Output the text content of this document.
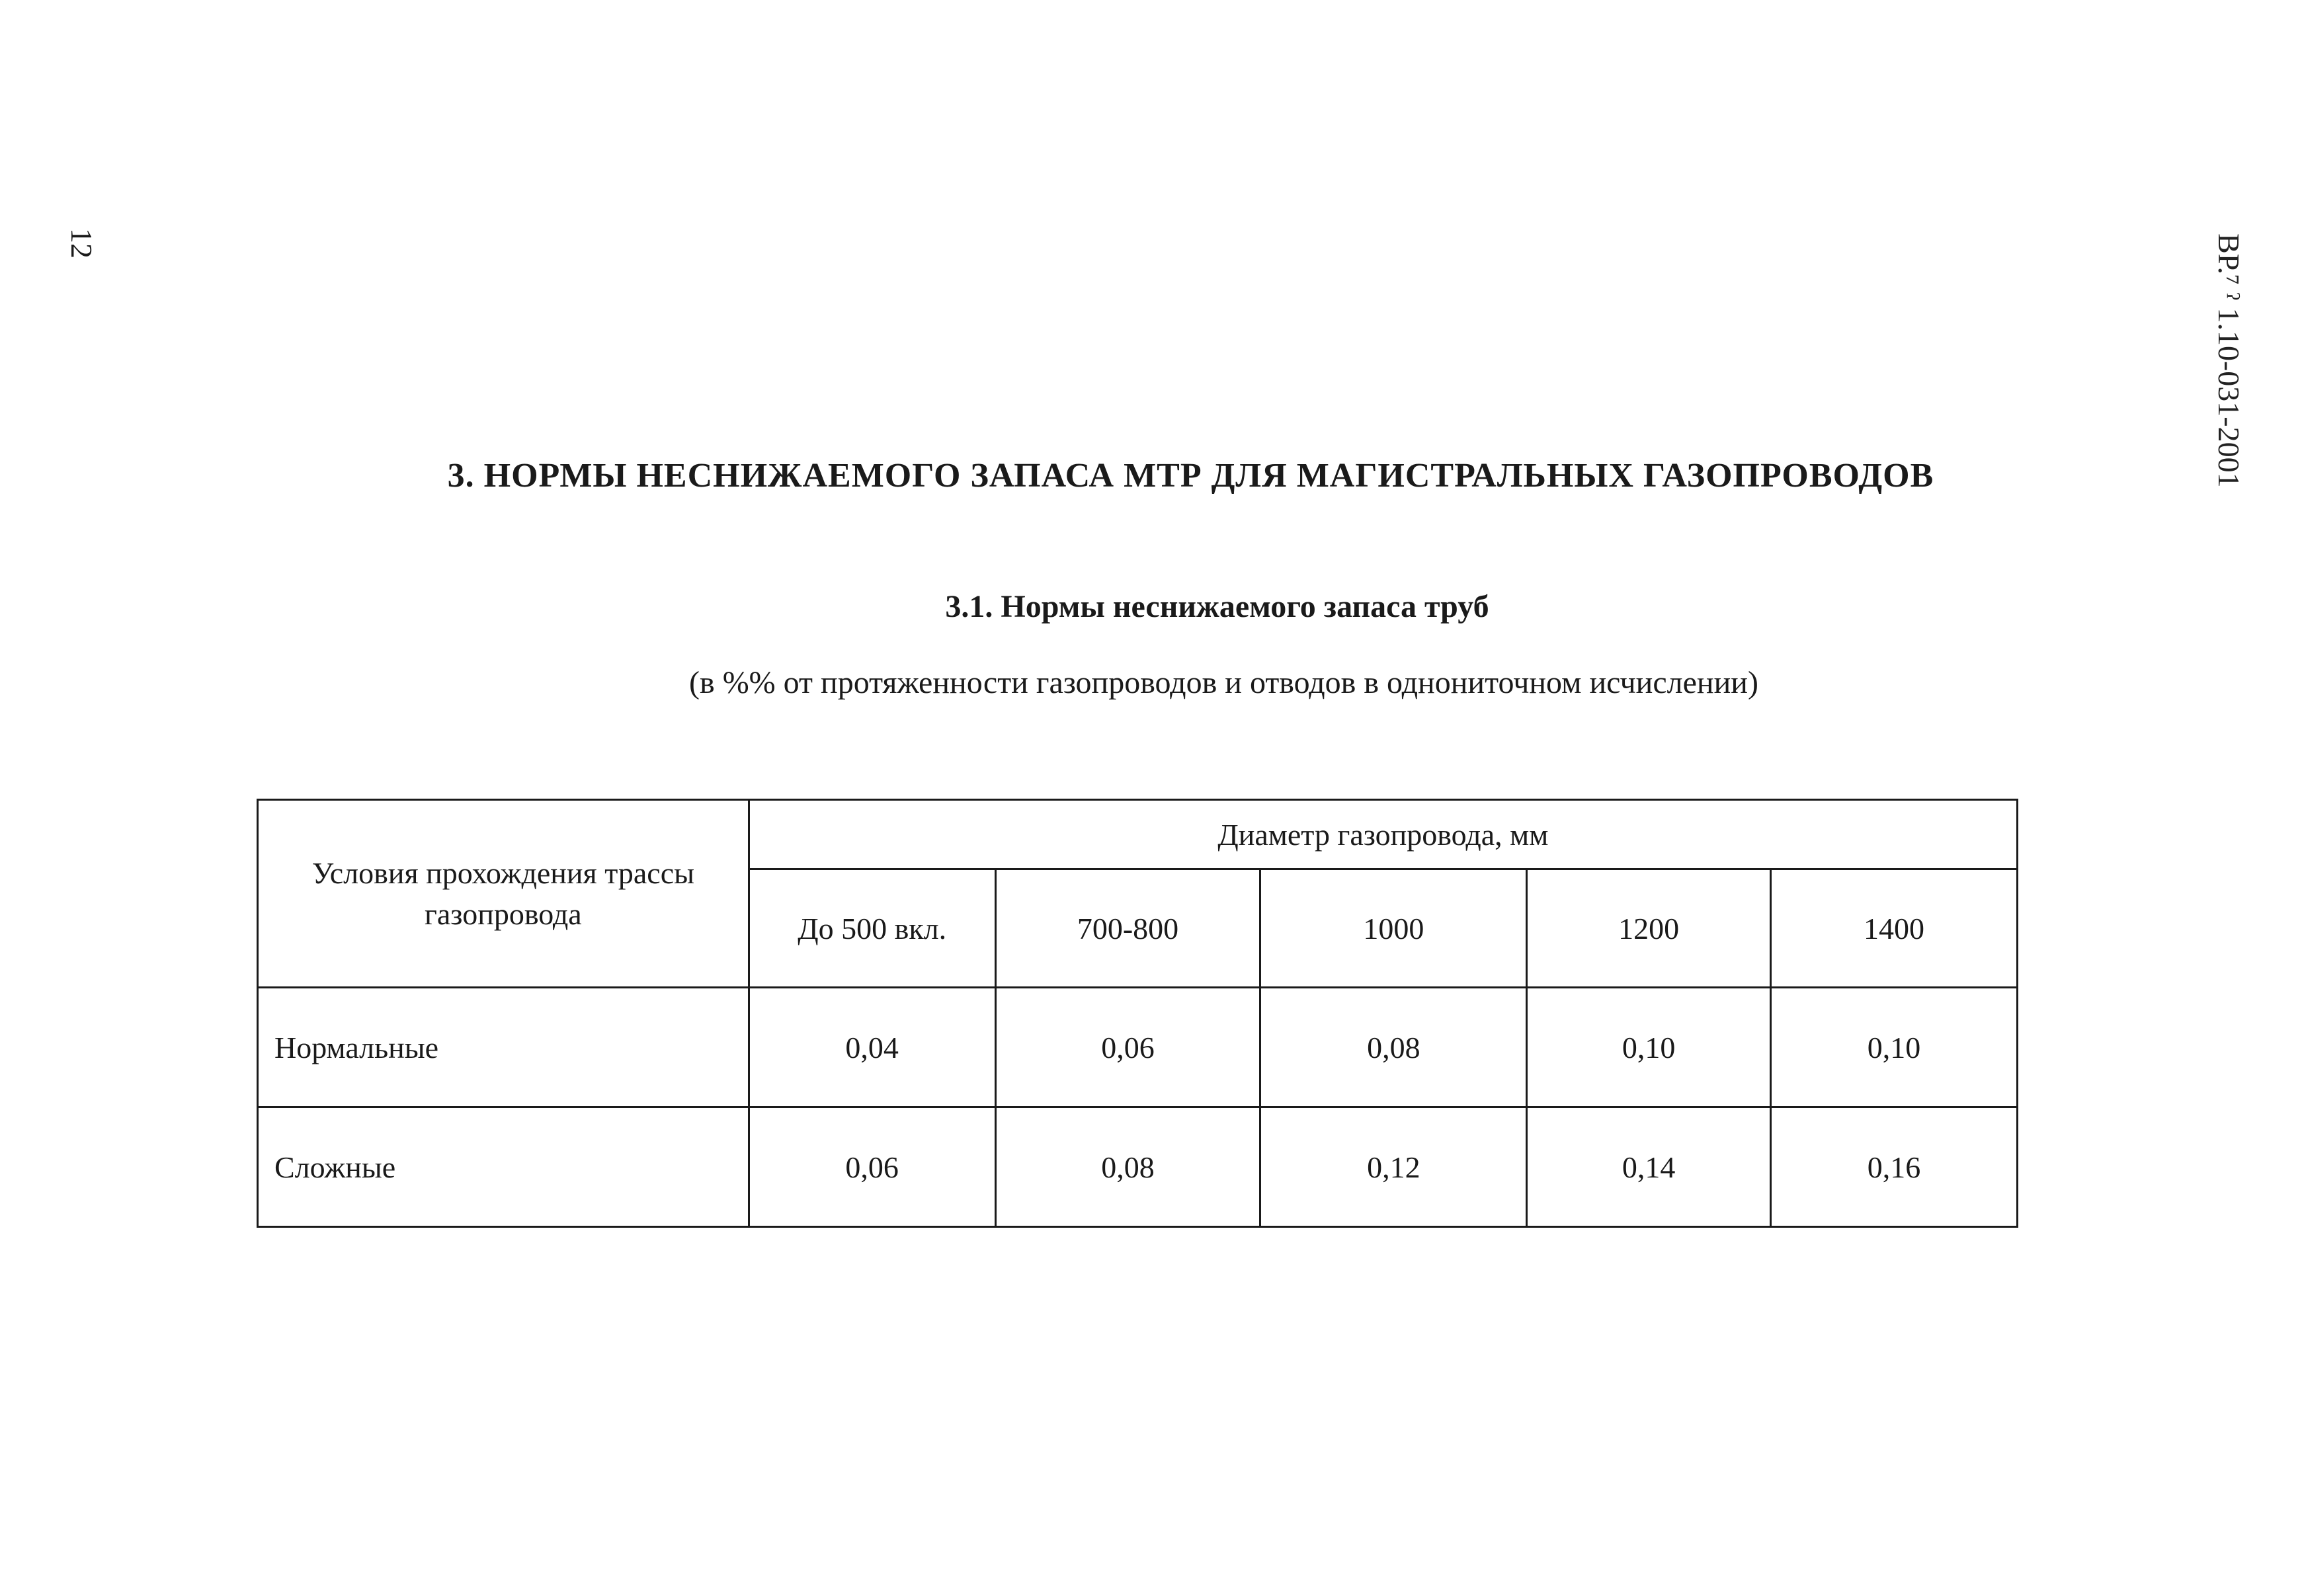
12	ВР.⁷ ˀ 1.10-031-2001
3. НОРМЫ НЕСНИЖАЕМОГО ЗАПАСА МТР ДЛЯ МАГИСТРАЛЬНЫХ ГАЗОПРОВОДОВ
3.1. Нормы неснижаемого запаса труб
(в %% от протяженности газопроводов и отводов в однониточном исчислении)
Условия прохождения трассы газопровода	Диаметр газопровода, мм				
	До 500 вкл.	700-800	1000	1200	1400
Нормальные	0,04	0,06	0,08	0,10	0,10
Сложные	0,06	0,08	0,12	0,14	0,16
